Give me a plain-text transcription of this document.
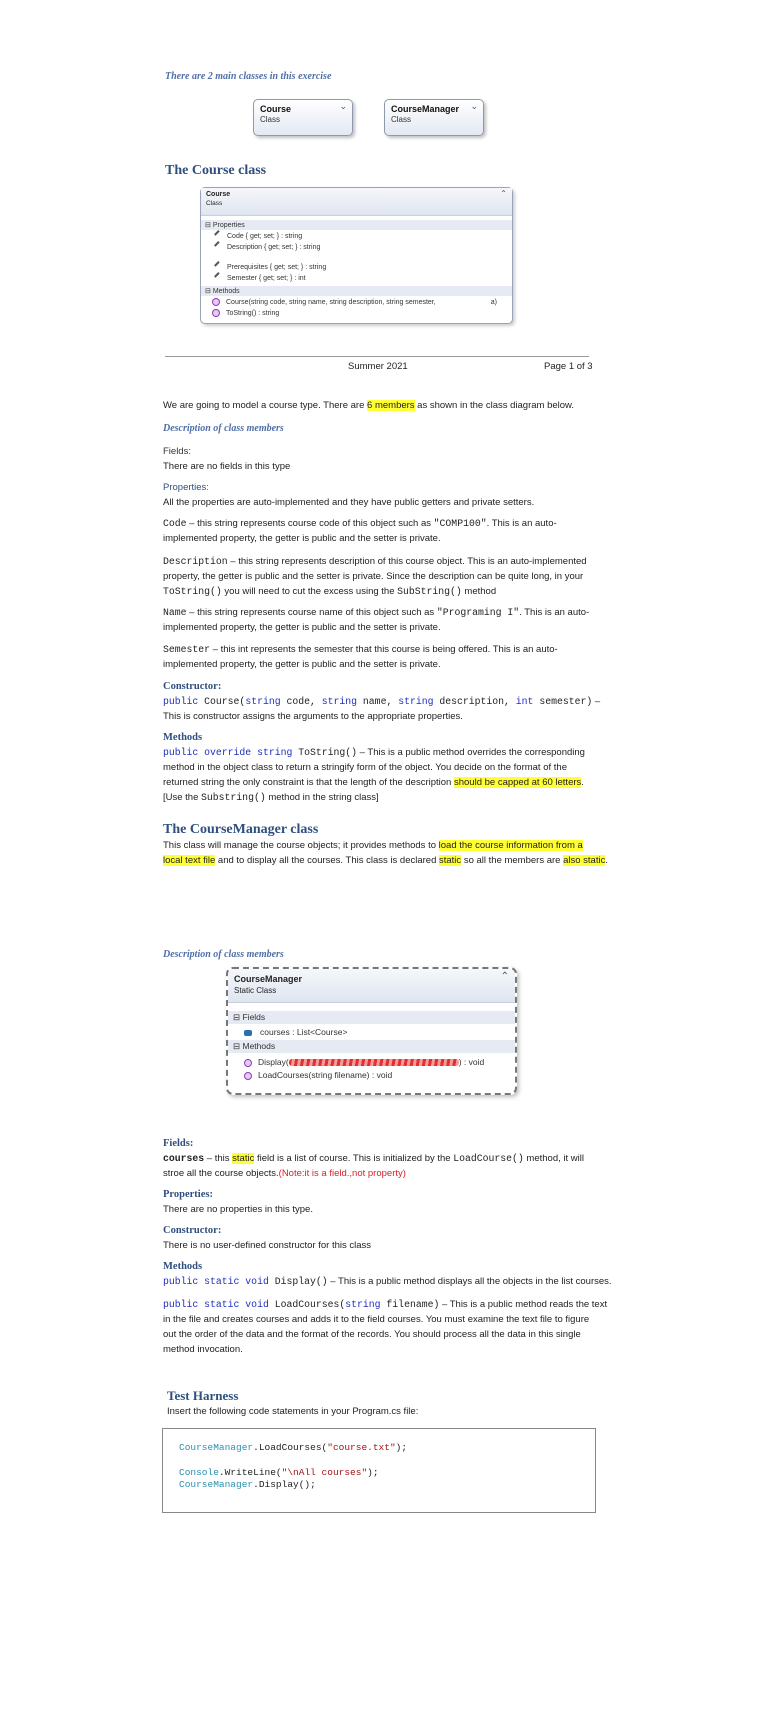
There are 2 main classes in this exercise
Course
Class
⌄	CourseManager
Class
⌄
The Course class
Course
Class
⌃
⊟ Properties
Code { get; set; } : string
Description { get; set; } : string
Prerequisites { get; set; } : string
Semester { get; set; } : int
⊟ Methods
Course(string code, string name, string description, string semester,	a)
ToString() : string
Summer 2021	Page 1 of 3
We are going to model a course type. There are 6 members as shown in the class diagram below.
Description of class members
Fields:
There are no fields in this type
Properties:
All the properties are auto-implemented and they have public getters and private setters.
Code – this string represents course code of this object such as "COMP100". This is an auto-
implemented property, the getter is public and the setter is private.
Description – this string represents description of this course object. This is an auto-implemented
property, the getter is public and the setter is private. Since the description can be quite long, in your
ToString() you will need to cut the excess using the SubString() method
Name – this string represents course name of this object such as "Programing I". This is an auto-
implemented property, the getter is public and the setter is private.
Semester – this int represents the semester that this course is being offered. This is an auto-
implemented property, the getter is public and the setter is private.
Constructor:
public Course(string code, string name, string description, int semester) –
This is constructor assigns the arguments to the appropriate properties.
Methods
public override string ToString() – This is a public method overrides the corresponding
method in the object class to return a stringify form of the object. You decide on the format of the
returned string the only constraint is that the length of the description should be capped at 60 letters.
[Use the Substring() method in the string class]
The CourseManager class
This class will manage the course objects; it provides methods to load the course information from a
local text file and to display all the courses. This class is declared static so all the members are also static.
Description of class members
CourseManager
Static Class
⌃
⊟ Fields
courses : List<Course>
⊟ Methods
Display(	) : void
LoadCourses(string filename) : void
Fields:
courses – this static field is a list of course. This is initialized by the LoadCourse() method, it will
stroe all the course objects.(Note:it is a field.,not property)
Properties:
There are no properties in this type.
Constructor:
There is no user-defined constructor for this class
Methods
public static void Display() – This is a public method displays all the objects in the list courses.
public static void LoadCourses(string filename) – This is a public method reads the text
in the file and creates courses and adds it to the field courses. You must examine the text file to figure
out the order of the data and the format of the records. You should process all the data in this single
method invocation.
Test Harness
Insert the following code statements in your Program.cs file:
CourseManager.LoadCourses("course.txt");
Console.WriteLine("\nAll courses");
CourseManager.Display();
